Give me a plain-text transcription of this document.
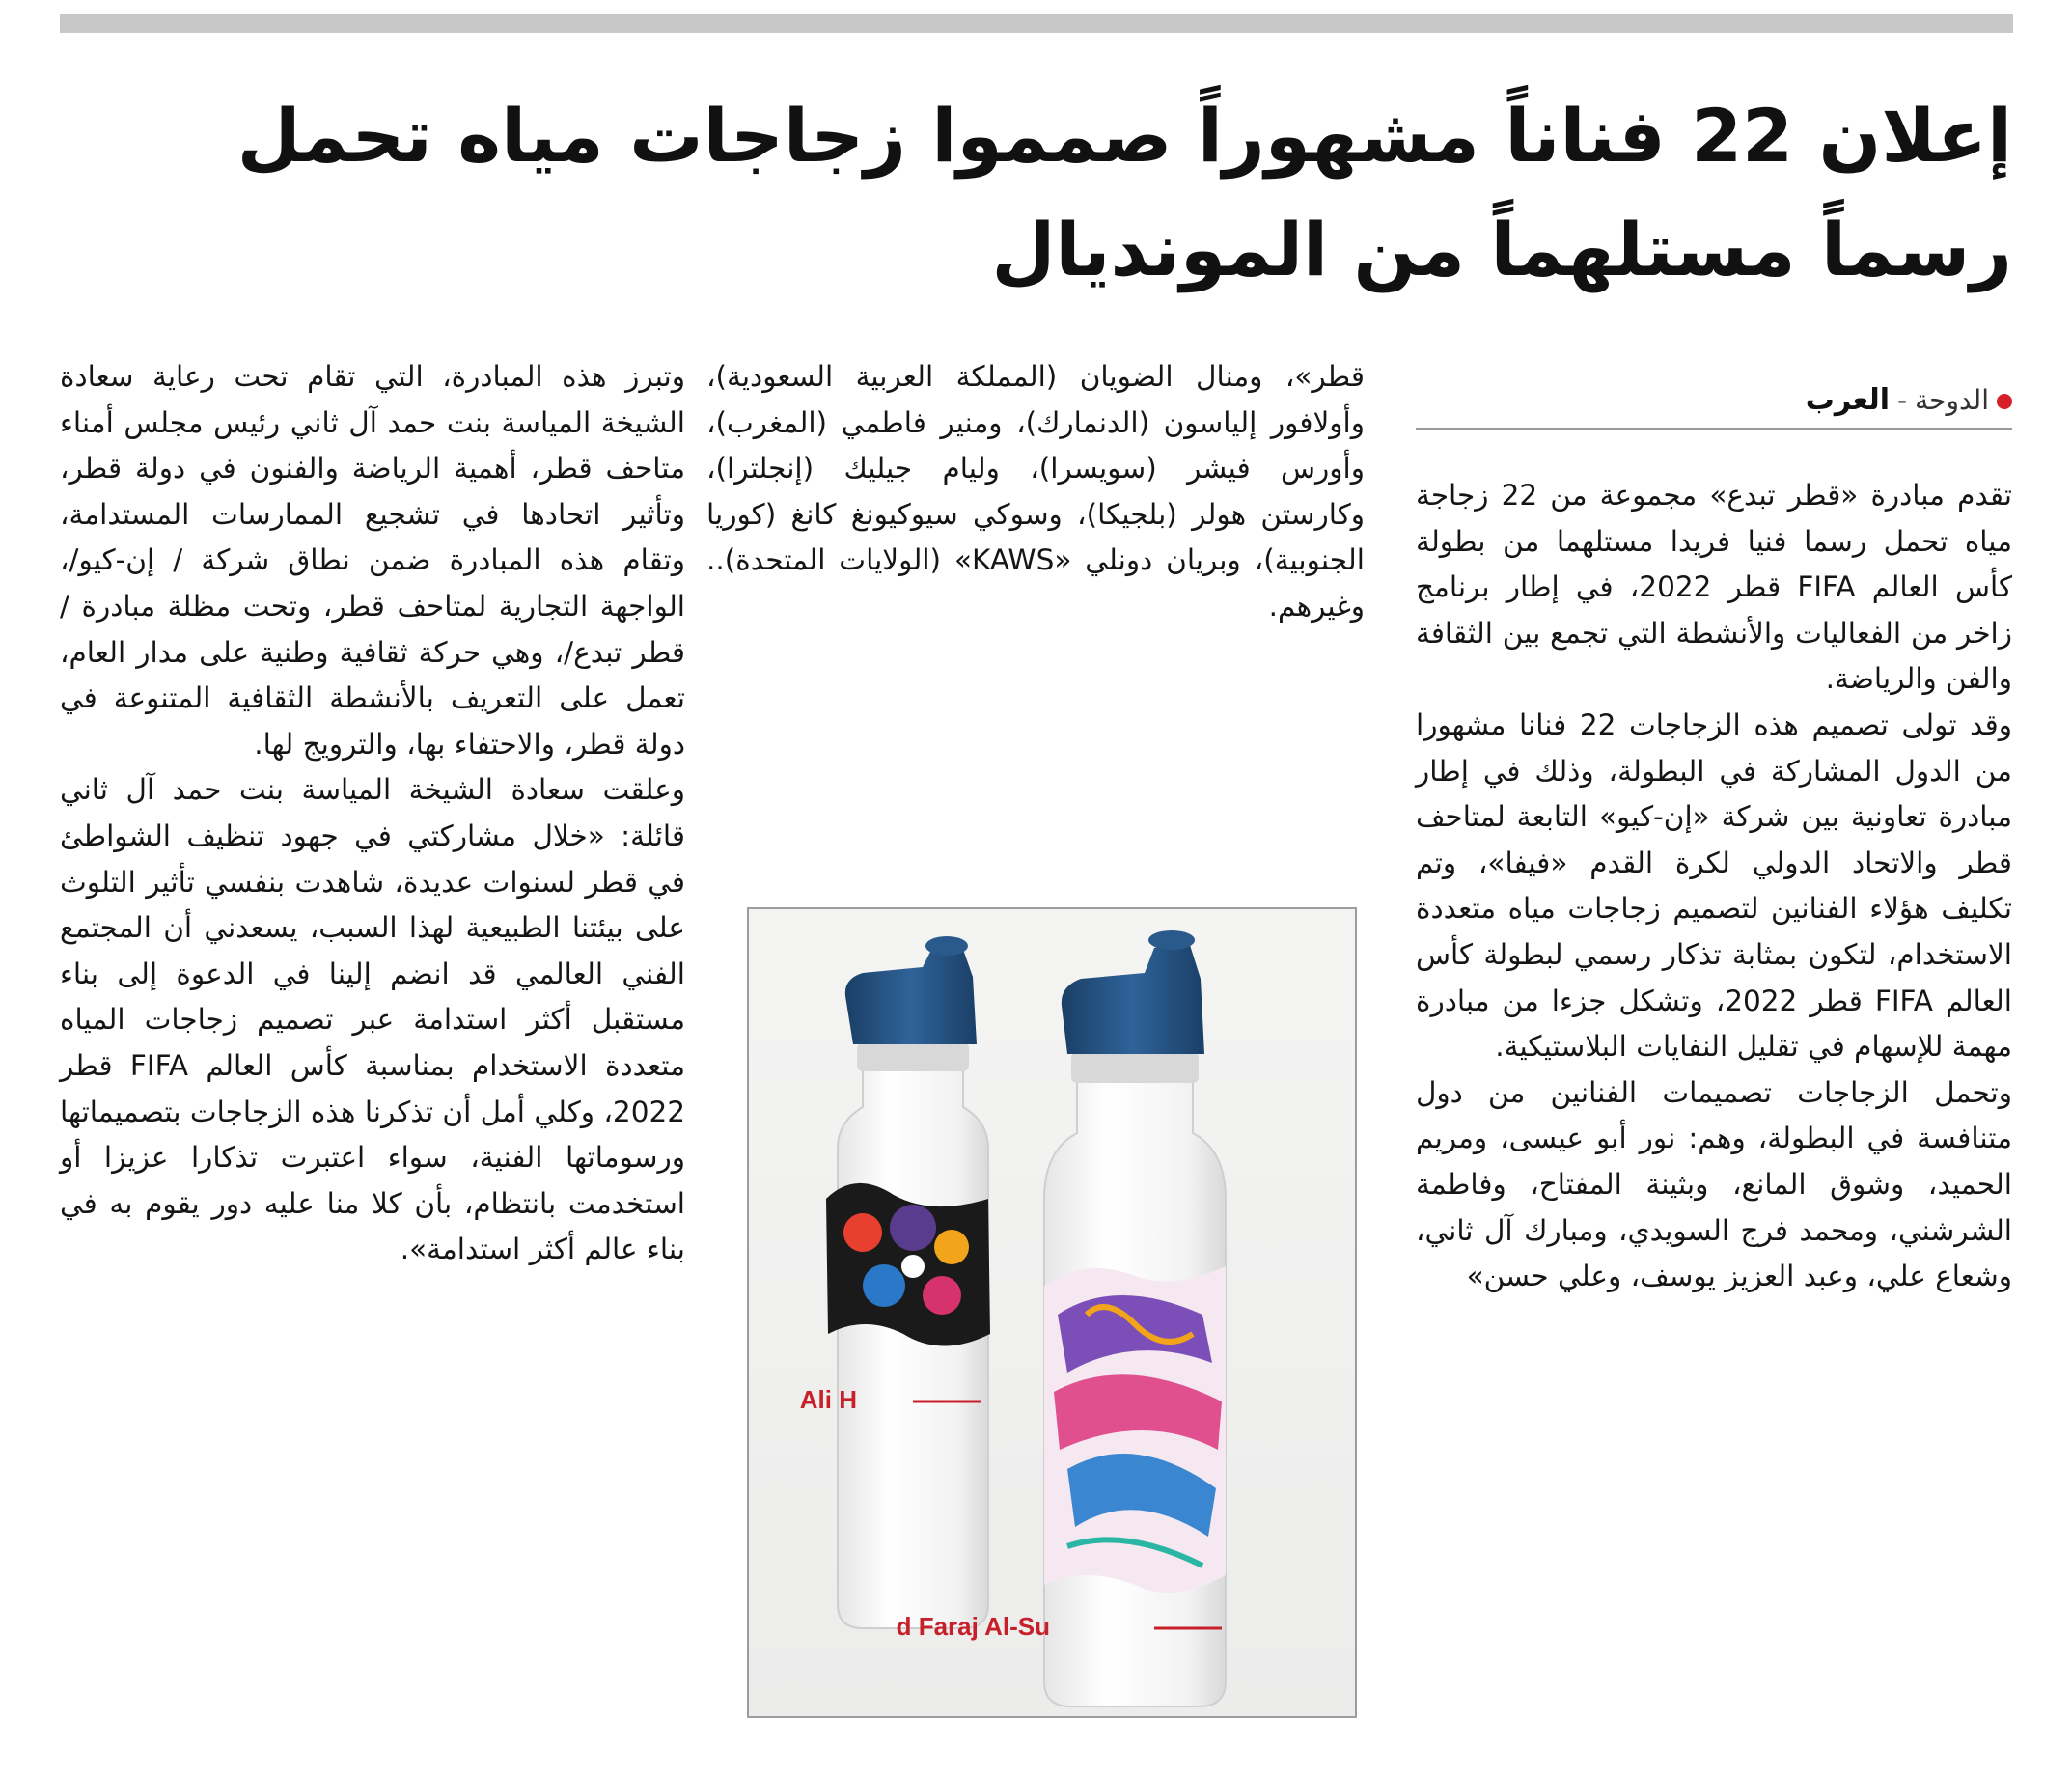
إعلان 22 فناناً مشهوراً صمموا زجاجات مياه تحمل
رسماً مستلهماً من المونديال
الدوحة-العرب

تقدم مبادرة «قطر تبدع» مجموعة من 22 زجاجة مياه تحمل رسما فنيا فريدا مستلهما من بطولة كأس العالم FIFA قطر 2022، في إطار برنامج زاخر من الفعاليات والأنشطة التي تجمع بين الثقافة والفن والرياضة.

وقد تولى تصميم هذه الزجاجات 22 فنانا مشهورا من الدول المشاركة في البطولة، وذلك في إطار مبادرة تعاونية بين شركة «إن-كيو» التابعة لمتاحف قطر والاتحاد الدولي لكرة القدم «فيفا»، وتم تكليف هؤلاء الفنانين لتصميم زجاجات مياه متعددة الاستخدام، لتكون بمثابة تذكار رسمي لبطولة كأس العالم FIFA قطر 2022، وتشكل جزءا من مبادرة مهمة للإسهام في تقليل النفايات البلاستيكية.

وتحمل الزجاجات تصميمات الفنانين من دول متنافسة في البطولة، وهم: نور أبو عيسى، ومريم الحميد، وشوق المانع، وبثينة المفتاح، وفاطمة الشرشني، ومحمد فرج السويدي، ومبارك آل ثاني، وشعاع علي، وعبد العزيز يوسف، وعلي حسن»

قطر»، ومنال الضويان (المملكة العربية السعودية)، وأولافور إلياسون (الدنمارك)، ومنير فاطمي (المغرب)، وأورس فيشر (سويسرا)، وليام جيليك (إنجلترا)، وكارستن هولر (بلجيكا)، وسوكي سيوكيونغ كانغ (كوريا الجنوبية)، وبريان دونلي «KAWS» (الولايات المتحدة).. وغيرهم.

وتبرز هذه المبادرة، التي تقام تحت رعاية سعادة الشيخة المياسة بنت حمد آل ثاني رئيس مجلس أمناء متاحف قطر، أهمية الرياضة والفنون في دولة قطر، وتأثير اتحادها في تشجيع الممارسات المستدامة، وتقام هذه المبادرة ضمن نطاق شركة / إن-كيو/، الواجهة التجارية لمتاحف قطر، وتحت مظلة مبادرة /قطر تبدع/، وهي حركة ثقافية وطنية على مدار العام، تعمل على التعريف بالأنشطة الثقافية المتنوعة في دولة قطر، والاحتفاء بها، والترويج لها.

وعلقت سعادة الشيخة المياسة بنت حمد آل ثاني قائلة: «خلال مشاركتي في جهود تنظيف الشواطئ في قطر لسنوات عديدة، شاهدت بنفسي تأثير التلوث على بيئتنا الطبيعية لهذا السبب، يسعدني أن المجتمع الفني العالمي قد انضم إلينا في الدعوة إلى بناء مستقبل أكثر استدامة عبر تصميم زجاجات المياه متعددة الاستخدام بمناسبة كأس العالم FIFA قطر 2022، وكلي أمل أن تذكرنا هذه الزجاجات بتصميماتها ورسوماتها الفنية، سواء اعتبرت تذكارا عزيزا أو استخدمت بانتظام، بأن كلا منا عليه دور يقوم به في بناء عالم أكثر استدامة».

Ali H
d Faraj Al-Su
